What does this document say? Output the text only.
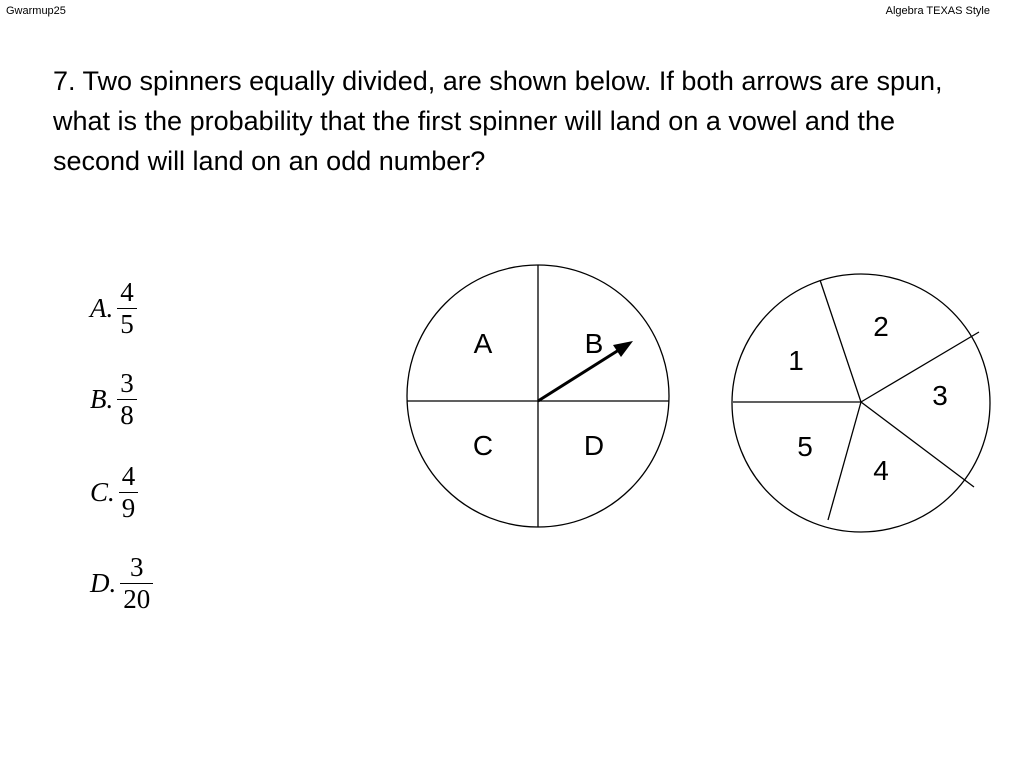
Gwarmup25	Algebra TEXAS Style
7. Two spinners equally divided, are shown below. If both arrows are spun, what is the probability that the first spinner will land on a vowel and the second will land on an odd number?
A. $\frac{4}{5}$
B. $\frac{3}{8}$
C. $\frac{4}{9}$
D. $\frac{3}{20}$
A	B
C	D
1
2
3
4
5
